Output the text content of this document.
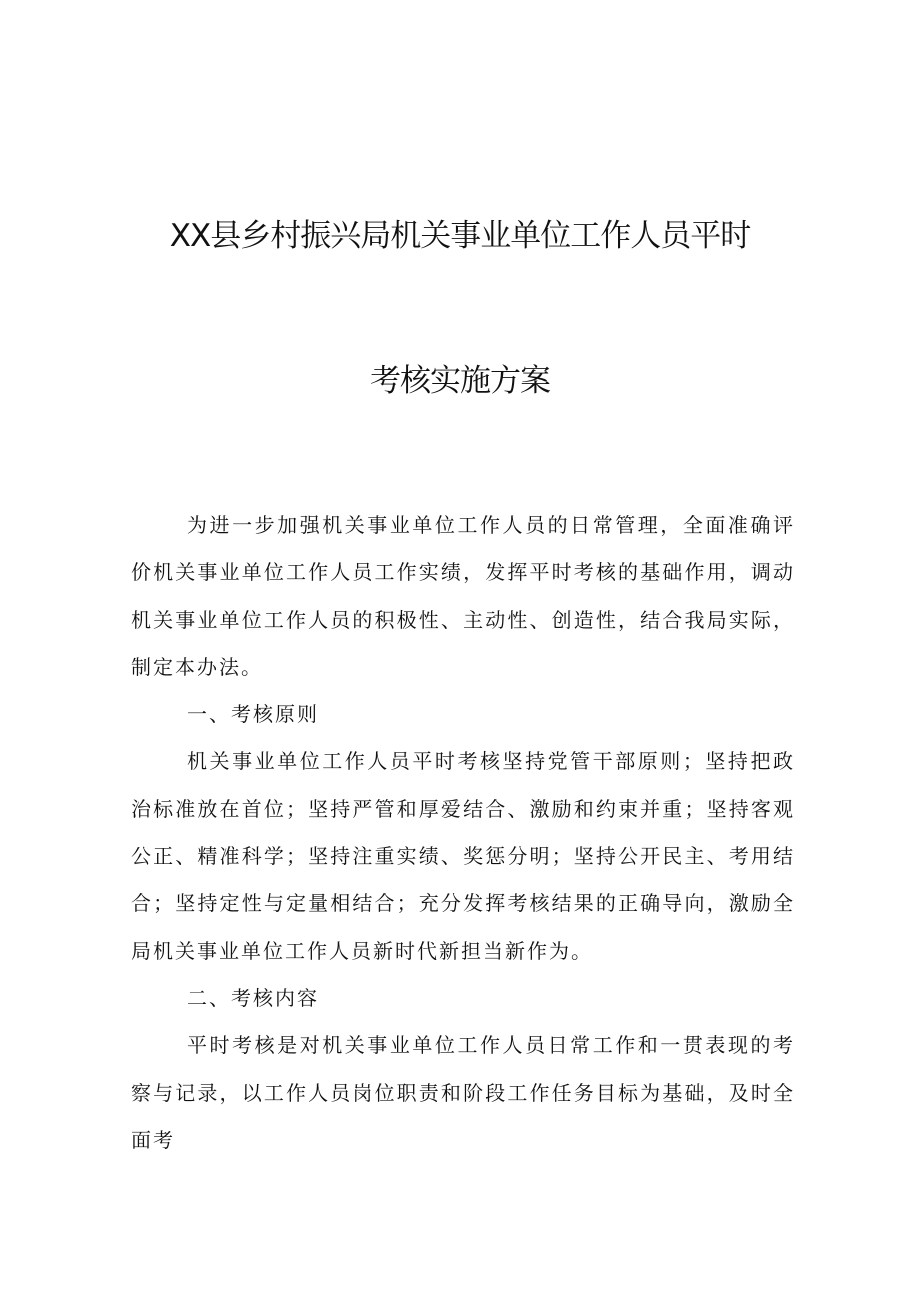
XX县乡村振兴局机关事业单位工作人员平时
考核实施方案

为进一步加强机关事业单位工作人员的日常管理，全面准确评价机关事业单位工作人员工作实绩，发挥平时考核的基础作用，调动机关事业单位工作人员的积极性、主动性、创造性，结合我局实际，制定本办法。

一、考核原则

机关事业单位工作人员平时考核坚持党管干部原则；坚持把政治标准放在首位；坚持严管和厚爱结合、激励和约束并重；坚持客观公正、精准科学；坚持注重实绩、奖惩分明；坚持公开民主、考用结合；坚持定性与定量相结合；充分发挥考核结果的正确导向，激励全局机关事业单位工作人员新时代新担当新作为。

二、考核内容

平时考核是对机关事业单位工作人员日常工作和一贯表现的考察与记录，以工作人员岗位职责和阶段工作任务目标为基础，及时全面考
